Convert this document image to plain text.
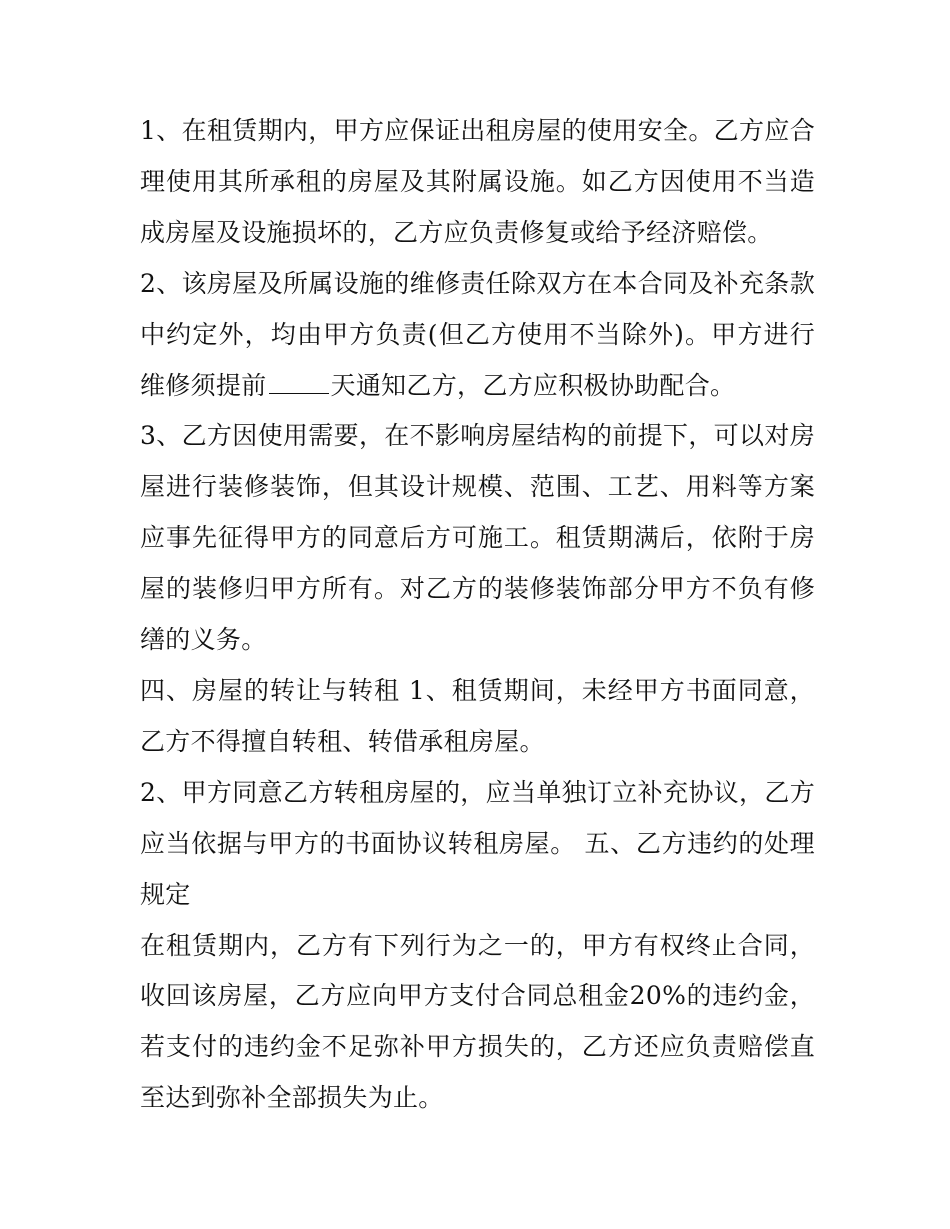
1、在租赁期内，甲方应保证出租房屋的使用安全。乙方应合理使用其所承租的房屋及其附属设施。如乙方因使用不当造成房屋及设施损坏的，乙方应负责修复或给予经济赔偿。

2、该房屋及所属设施的维修责任除双方在本合同及补充条款中约定外，均由甲方负责(但乙方使用不当除外)。甲方进行维修须提前	天通知乙方，乙方应积极协助配合。

3、乙方因使用需要，在不影响房屋结构的前提下，可以对房屋进行装修装饰，但其设计规模、范围、工艺、用料等方案应事先征得甲方的同意后方可施工。租赁期满后，依附于房屋的装修归甲方所有。对乙方的装修装饰部分甲方不负有修缮的义务。

四、房屋的转让与转租 1、租赁期间，未经甲方书面同意，乙方不得擅自转租、转借承租房屋。

2、甲方同意乙方转租房屋的，应当单独订立补充协议，乙方应当依据与甲方的书面协议转租房屋。 五、乙方违约的处理规定

在租赁期内，乙方有下列行为之一的，甲方有权终止合同，收回该房屋，乙方应向甲方支付合同总租金20%的违约金，若支付的违约金不足弥补甲方损失的，乙方还应负责赔偿直至达到弥补全部损失为止。
